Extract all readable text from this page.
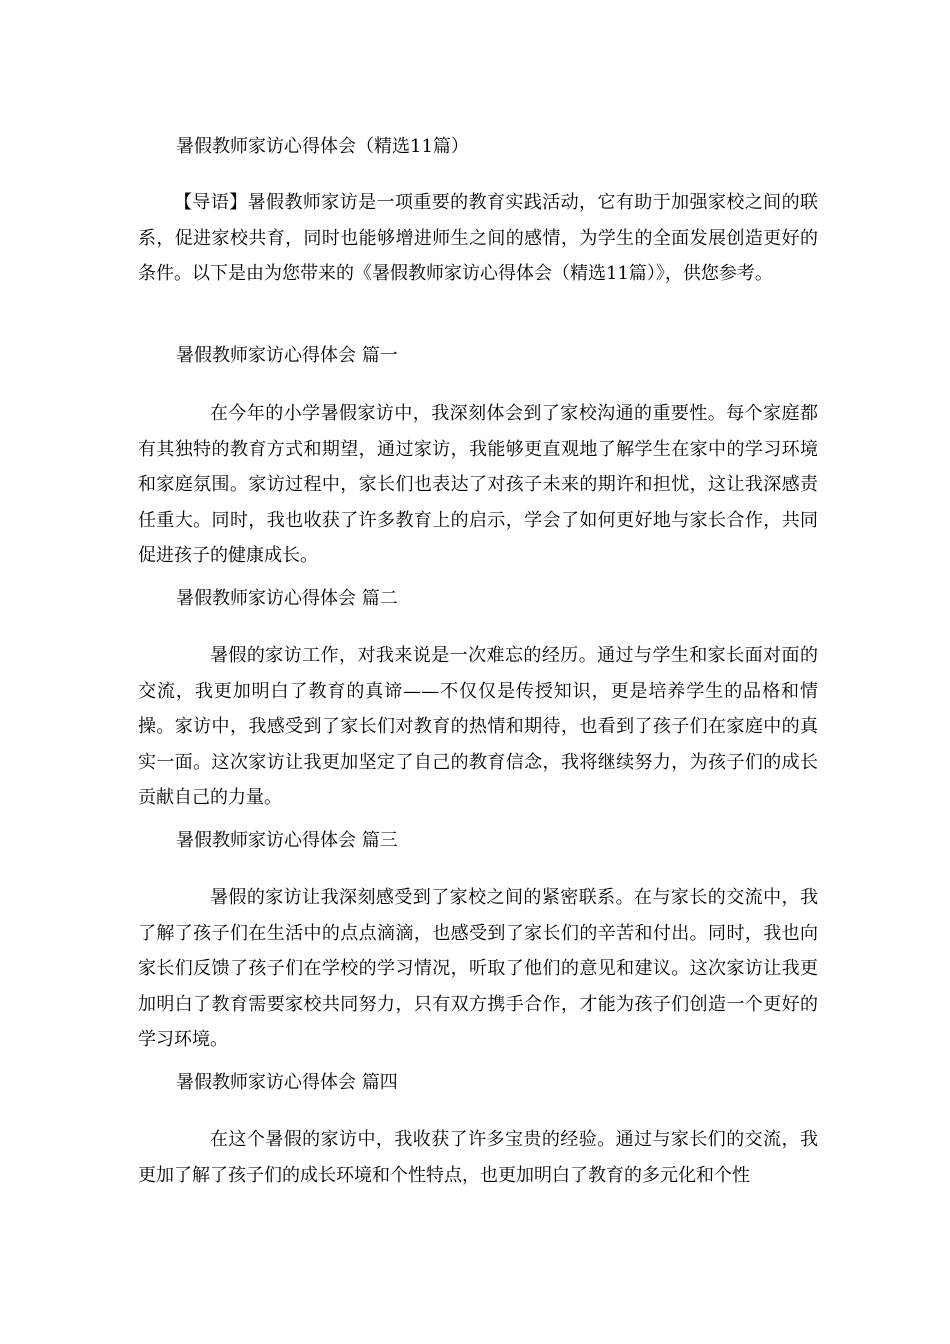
暑假教师家访心得体会（精选11篇）

【导语】暑假教师家访是一项重要的教育实践活动，它有助于加强家校之间的联系，促进家校共育，同时也能够增进师生之间的感情，为学生的全面发展创造更好的条件。以下是由为您带来的《暑假教师家访心得体会（精选11篇）》，供您参考。

暑假教师家访心得体会 篇一

在今年的小学暑假家访中，我深刻体会到了家校沟通的重要性。每个家庭都有其独特的教育方式和期望，通过家访，我能够更直观地了解学生在家中的学习环境和家庭氛围。家访过程中，家长们也表达了对孩子未来的期许和担忧，这让我深感责任重大。同时，我也收获了许多教育上的启示，学会了如何更好地与家长合作，共同促进孩子的健康成长。

暑假教师家访心得体会 篇二

暑假的家访工作，对我来说是一次难忘的经历。通过与学生和家长面对面的交流，我更加明白了教育的真谛——不仅仅是传授知识，更是培养学生的品格和情操。家访中，我感受到了家长们对教育的热情和期待，也看到了孩子们在家庭中的真实一面。这次家访让我更加坚定了自己的教育信念，我将继续努力，为孩子们的成长贡献自己的力量。

暑假教师家访心得体会 篇三

暑假的家访让我深刻感受到了家校之间的紧密联系。在与家长的交流中，我了解了孩子们在生活中的点点滴滴，也感受到了家长们的辛苦和付出。同时，我也向家长们反馈了孩子们在学校的学习情况，听取了他们的意见和建议。这次家访让我更加明白了教育需要家校共同努力，只有双方携手合作，才能为孩子们创造一个更好的学习环境。

暑假教师家访心得体会 篇四

在这个暑假的家访中，我收获了许多宝贵的经验。通过与家长们的交流，我更加了解了孩子们的成长环境和个性特点，也更加明白了教育的多元化和个性
